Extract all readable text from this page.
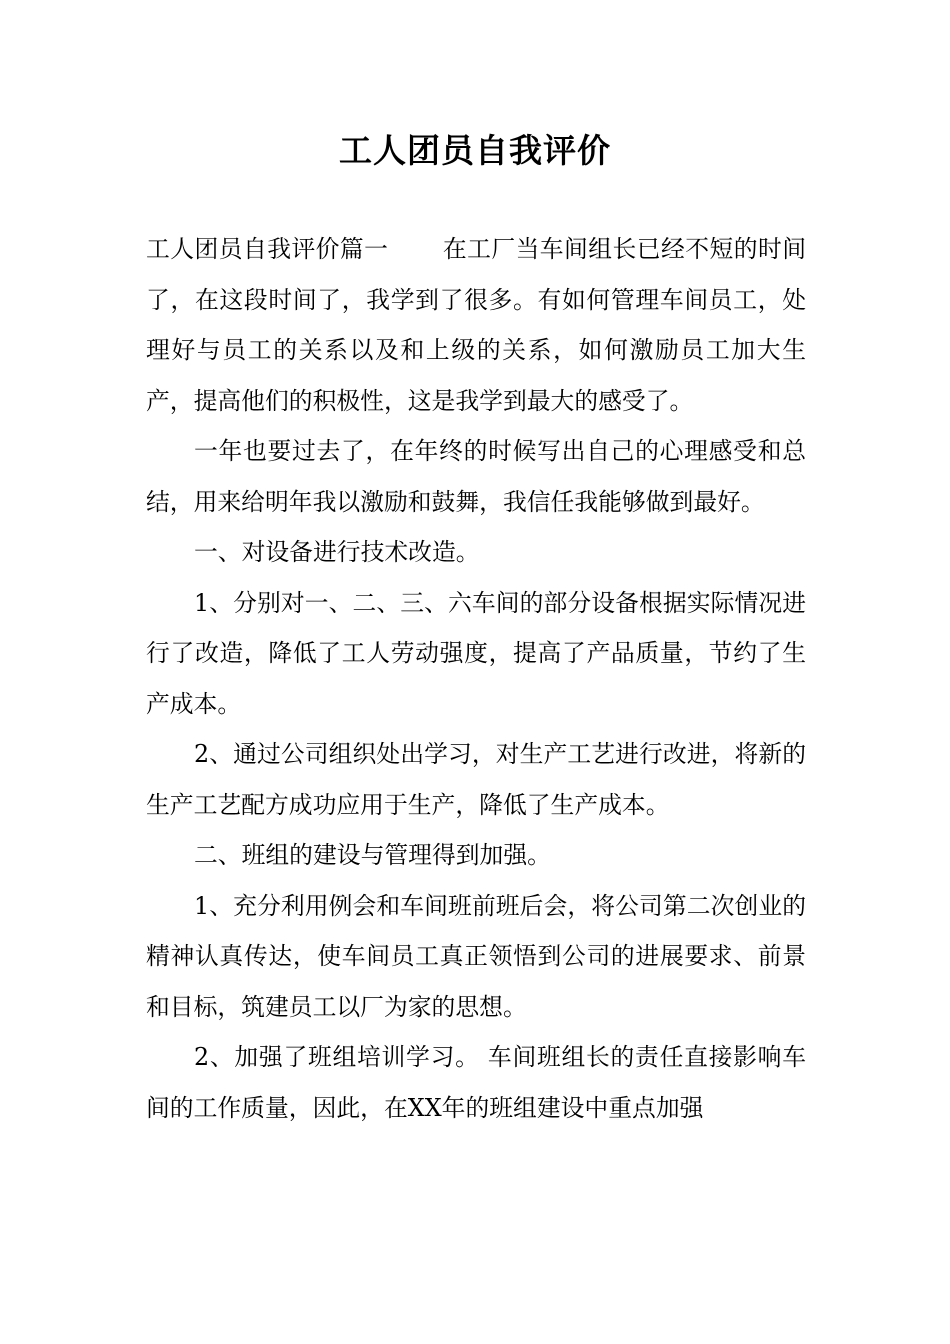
工人团员自我评价

工人团员自我评价篇一 在工厂当车间组长已经不短的时间了，在这段时间了，我学到了很多。有如何管理车间员工，处理好与员工的关系以及和上级的关系，如何激励员工加大生产，提高他们的积极性，这是我学到最大的感受了。

一年也要过去了，在年终的时候写出自己的心理感受和总结，用来给明年我以激励和鼓舞，我信任我能够做到最好。

一、对设备进行技术改造。

1、分别对一、二、三、六车间的部分设备根据实际情况进行了改造，降低了工人劳动强度，提高了产品质量，节约了生产成本。

2、通过公司组织处出学习，对生产工艺进行改进，将新的生产工艺配方成功应用于生产，降低了生产成本。

二、班组的建设与管理得到加强。

1、充分利用例会和车间班前班后会，将公司第二次创业的精神认真传达，使车间员工真正领悟到公司的进展要求、前景和目标，筑建员工以厂为家的思想。

2、加强了班组培训学习。 车间班组长的责任直接影响车间的工作质量，因此，在XX年的班组建设中重点加强
